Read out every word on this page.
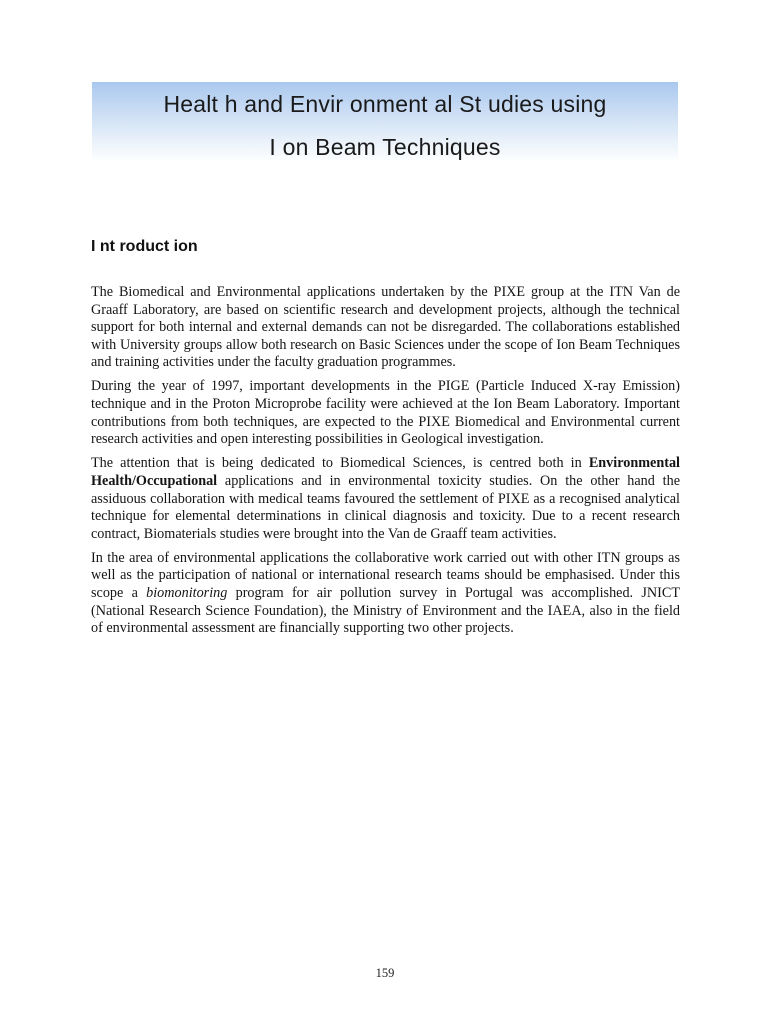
Healt h and Envir onment al St udies using
I on Beam Techniques
I nt roduct ion

The Biomedical and Environmental applications undertaken by the PIXE group at the ITN Van de Graaff Laboratory, are based on scientific research and development projects, although the technical support for both internal and external demands can not be disregarded. The collaborations established with University groups allow both research on Basic Sciences under the scope of Ion Beam Techniques and training activities under the faculty graduation programmes.

During the year of 1997, important developments in the PIGE (Particle Induced X-ray Emission) technique and in the Proton Microprobe facility were achieved at the Ion Beam Laboratory. Important contributions from both techniques, are expected to the PIXE Biomedical and Environmental current research activities and open interesting possibilities in Geological investigation.

The attention that is being dedicated to Biomedical Sciences, is centred both in Environmental Health/Occupational applications and in environmental toxicity studies. On the other hand the assiduous collaboration with medical teams favoured the settlement of PIXE as a recognised analytical technique for elemental determinations in clinical diagnosis and toxicity. Due to a recent research contract, Biomaterials studies were brought into the Van de Graaff team activities.

In the area of environmental applications the collaborative work carried out with other ITN groups as well as the participation of national or international research teams should be emphasised. Under this scope a biomonitoring program for air pollution survey in Portugal was accomplished. JNICT (National Research Science Foundation), the Ministry of Environment and the IAEA, also in the field of environmental assessment are financially supporting two other projects.

159
